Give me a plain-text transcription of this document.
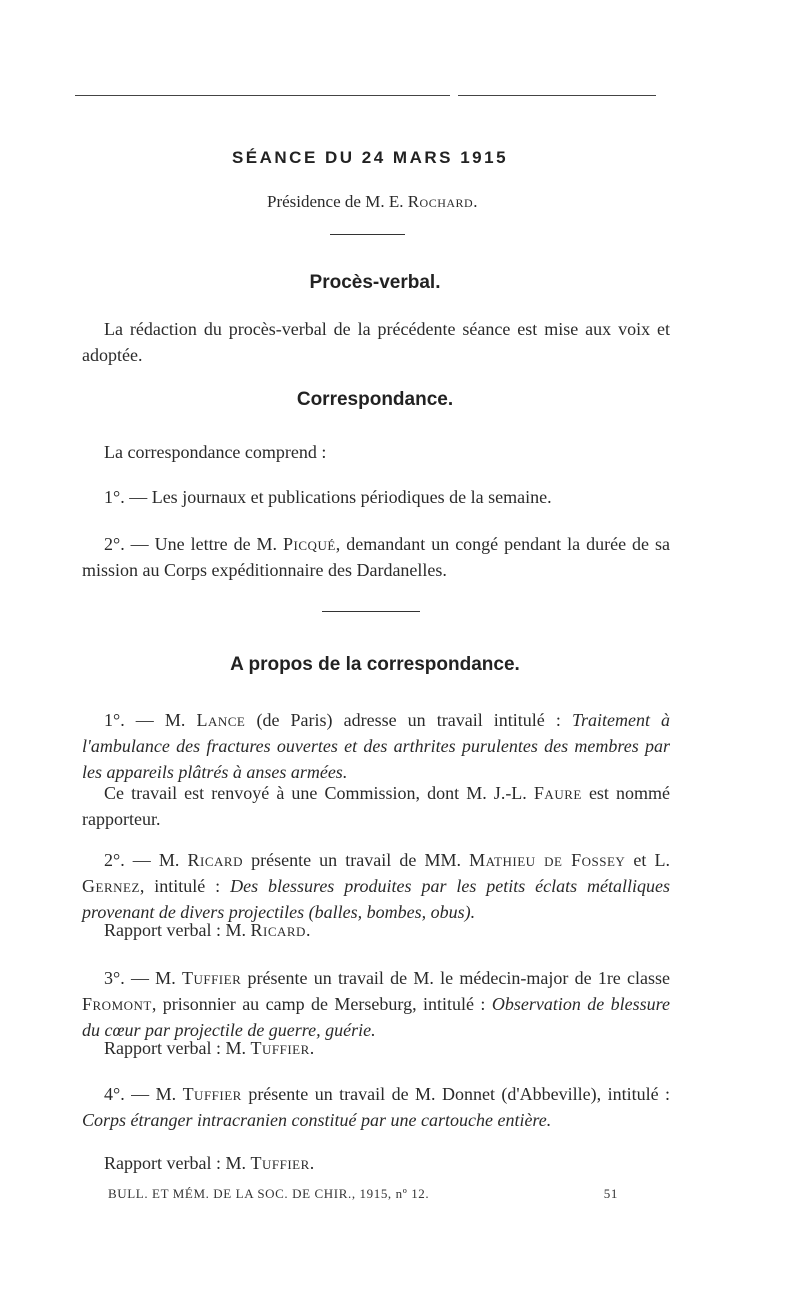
SÉANCE DU 24 MARS 1915
Présidence de M. E. Rochard.
Procès-verbal.
La rédaction du procès-verbal de la précédente séance est mise aux voix et adoptée.
Correspondance.
La correspondance comprend :
1°. — Les journaux et publications périodiques de la semaine.
2°. — Une lettre de M. Picqué, demandant un congé pendant la durée de sa mission au Corps expéditionnaire des Dardanelles.
A propos de la correspondance.
1°. — M. Lance (de Paris) adresse un travail intitulé : Traitement à l'ambulance des fractures ouvertes et des arthrites purulentes des membres par les appareils plâtrés à anses armées.
Ce travail est renvoyé à une Commission, dont M. J.-L. Faure est nommé rapporteur.
2°. — M. Ricard présente un travail de MM. Mathieu de Fossey et L. Gernez, intitulé : Des blessures produites par les petits éclats métalliques provenant de divers projectiles (balles, bombes, obus).
Rapport verbal : M. Ricard.
3°. — M. Tuffier présente un travail de M. le médecin-major de 1re classe Fromont, prisonnier au camp de Merseburg, intitulé : Observation de blessure du cœur par projectile de guerre, guérie.
Rapport verbal : M. Tuffier.
4°. — M. Tuffier présente un travail de M. Donnet (d'Abbeville), intitulé : Corps étranger intracranien constitué par une cartouche entière.
Rapport verbal : M. Tuffier.
BULL. ET MÉM. DE LA SOC. DE CHIR., 1915, nº 12.	51
